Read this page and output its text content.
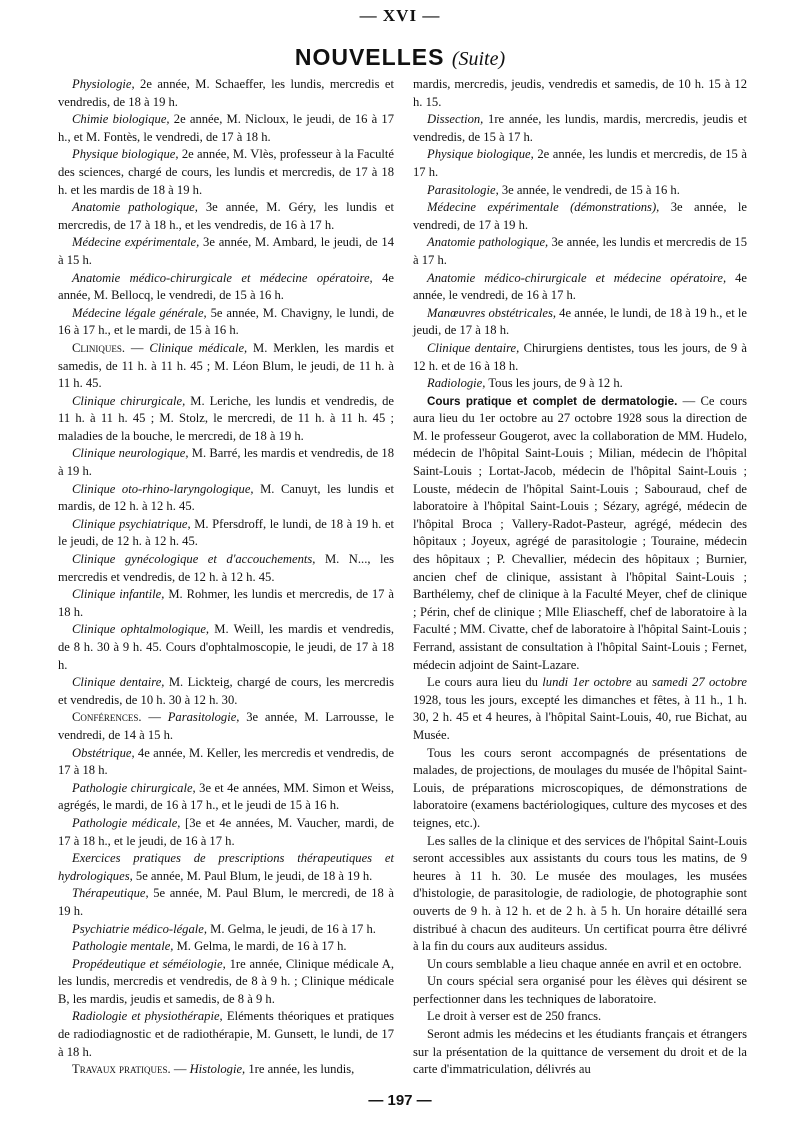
— XVI —
NOUVELLES (Suite)

Physiologie, 2e année, M. Schaeffer, les lundis, mercredis et vendredis, de 18 à 19 h.

Chimie biologique, 2e année, M. Nicloux, le jeudi, de 16 à 17 h., et M. Fontès, le vendredi, de 17 à 18 h.

Physique biologique, 2e année, M. Vlès, professeur à la Faculté des sciences, chargé de cours, les lundis et mercredis, de 17 à 18 h. et les mardis de 18 à 19 h.

Anatomie pathologique, 3e année, M. Géry, les lundis et mercredis, de 17 à 18 h., et les vendredis, de 16 à 17 h.

Médecine expérimentale, 3e année, M. Ambard, le jeudi, de 14 à 15 h.

Anatomie médico-chirurgicale et médecine opératoire, 4e année, M. Bellocq, le vendredi, de 15 à 16 h.

Médecine légale générale, 5e année, M. Chavigny, le lundi, de 16 à 17 h., et le mardi, de 15 à 16 h.

Cliniques. — Clinique médicale, M. Merklen, les mardis et samedis, de 11 h. à 11 h. 45 ; M. Léon Blum, le jeudi, de 11 h. à 11 h. 45.

Clinique chirurgicale, M. Leriche, les lundis et vendredis, de 11 h. à 11 h. 45 ; M. Stolz, le mercredi, de 11 h. à 11 h. 45 ; maladies de la bouche, le mercredi, de 18 à 19 h.

Clinique neurologique, M. Barré, les mardis et vendredis, de 18 à 19 h.

Clinique oto-rhino-laryngologique, M. Canuyt, les lundis et mardis, de 12 h. à 12 h. 45.

Clinique psychiatrique, M. Pfersdroff, le lundi, de 18 à 19 h. et le jeudi, de 12 h. à 12 h. 45.

Clinique gynécologique et d'accouchements, M. N..., les mercredis et vendredis, de 12 h. à 12 h. 45.

Clinique infantile, M. Rohmer, les lundis et mercredis, de 17 à 18 h.

Clinique ophtalmologique, M. Weill, les mardis et vendredis, de 8 h. 30 à 9 h. 45. Cours d'ophtalmoscopie, le jeudi, de 17 à 18 h.

Clinique dentaire, M. Lickteig, chargé de cours, les mercredis et vendredis, de 10 h. 30 à 12 h. 30.

Conférences. — Parasitologie, 3e année, M. Larrousse, le vendredi, de 14 à 15 h.

Obstétrique, 4e année, M. Keller, les mercredis et vendredis, de 17 à 18 h.

Pathologie chirurgicale, 3e et 4e années, MM. Simon et Weiss, agrégés, le mardi, de 16 à 17 h., et le jeudi de 15 à 16 h.

Pathologie médicale, [3e et 4e années, M. Vaucher, mardi, de 17 à 18 h., et le jeudi, de 16 à 17 h.

Exercices pratiques de prescriptions thérapeutiques et hydrologiques, 5e année, M. Paul Blum, le jeudi, de 18 à 19 h.

Thérapeutique, 5e année, M. Paul Blum, le mercredi, de 18 à 19 h.

Psychiatrie médico-légale, M. Gelma, le jeudi, de 16 à 17 h.

Pathologie mentale, M. Gelma, le mardi, de 16 à 17 h.

Propédeutique et séméiologie, 1re année, Clinique médicale A, les lundis, mercredis et vendredis, de 8 à 9 h. ; Clinique médicale B, les mardis, jeudis et samedis, de 8 à 9 h.

Radiologie et physiothérapie, Eléments théoriques et pratiques de radiodiagnostic et de radiothérapie, M. Gunsett, le lundi, de 17 à 18 h.

Travaux pratiques. — Histologie, 1re année, les lundis,

mardis, mercredis, jeudis, vendredis et samedis, de 10 h. 15 à 12 h. 15.

Dissection, 1re année, les lundis, mardis, mercredis, jeudis et vendredis, de 15 à 17 h.

Physique biologique, 2e année, les lundis et mercredis, de 15 à 17 h.

Parasitologie, 3e année, le vendredi, de 15 à 16 h.

Médecine expérimentale (démonstrations), 3e année, le vendredi, de 17 à 19 h.

Anatomie pathologique, 3e année, les lundis et mercredis de 15 à 17 h.

Anatomie médico-chirurgicale et médecine opératoire, 4e année, le vendredi, de 16 à 17 h.

Manœuvres obstétricales, 4e année, le lundi, de 18 à 19 h., et le jeudi, de 17 à 18 h.

Clinique dentaire, Chirurgiens dentistes, tous les jours, de 9 à 12 h. et de 16 à 18 h.

Radiologie, Tous les jours, de 9 à 12 h.

Cours pratique et complet de dermatologie. — Ce cours aura lieu du 1er octobre au 27 octobre 1928 sous la direction de M. le professeur Gougerot, avec la collaboration de MM. Hudelo, médecin de l'hôpital Saint-Louis ; Milian, médecin de l'hôpital Saint-Louis ; Lortat-Jacob, médecin de l'hôpital Saint-Louis ; Louste, médecin de l'hôpital Saint-Louis ; Sabouraud, chef de laboratoire à l'hôpital Saint-Louis ; Sézary, agrégé, médecin de l'hôpital Broca ; Vallery-Radot-Pasteur, agrégé, médecin des hôpitaux ; Joyeux, agrégé de parasitologie ; Touraine, médecin des hôpitaux ; P. Chevallier, médecin des hôpitaux ; Burnier, ancien chef de clinique, assistant à l'hôpital Saint-Louis ; Barthélemy, chef de clinique à la Faculté Meyer, chef de clinique ; Périn, chef de clinique ; Mlle Eliascheff, chef de laboratoire à la Faculté ; MM. Civatte, chef de laboratoire à l'hôpital Saint-Louis ; Ferrand, assistant de consultation à l'hôpital Saint-Louis ; Fernet, médecin adjoint de Saint-Lazare.

Le cours aura lieu du lundi 1er octobre au samedi 27 octobre 1928, tous les jours, excepté les dimanches et fêtes, à 11 h., 1 h. 30, 2 h. 45 et 4 heures, à l'hôpital Saint-Louis, 40, rue Bichat, au Musée.

Tous les cours seront accompagnés de présentations de malades, de projections, de moulages du musée de l'hôpital Saint-Louis, de préparations microscopiques, de démonstrations de laboratoire (examens bactériologiques, culture des mycoses et des teignes, etc.).

Les salles de la clinique et des services de l'hôpital Saint-Louis seront accessibles aux assistants du cours tous les matins, de 9 heures à 11 h. 30. Le musée des moulages, les musées d'histologie, de parasitologie, de radiologie, de photographie sont ouverts de 9 h. à 12 h. et de 2 h. à 5 h. Un horaire détaillé sera distribué à chacun des auditeurs. Un certificat pourra être délivré à la fin du cours aux auditeurs assidus.

Un cours semblable a lieu chaque année en avril et en octobre.

Un cours spécial sera organisé pour les élèves qui désirent se perfectionner dans les techniques de laboratoire.

Le droit à verser est de 250 francs.

Seront admis les médecins et les étudiants français et étrangers sur la présentation de la quittance de versement du droit et de la carte d'immatriculation, délivrés au

— 197 —
